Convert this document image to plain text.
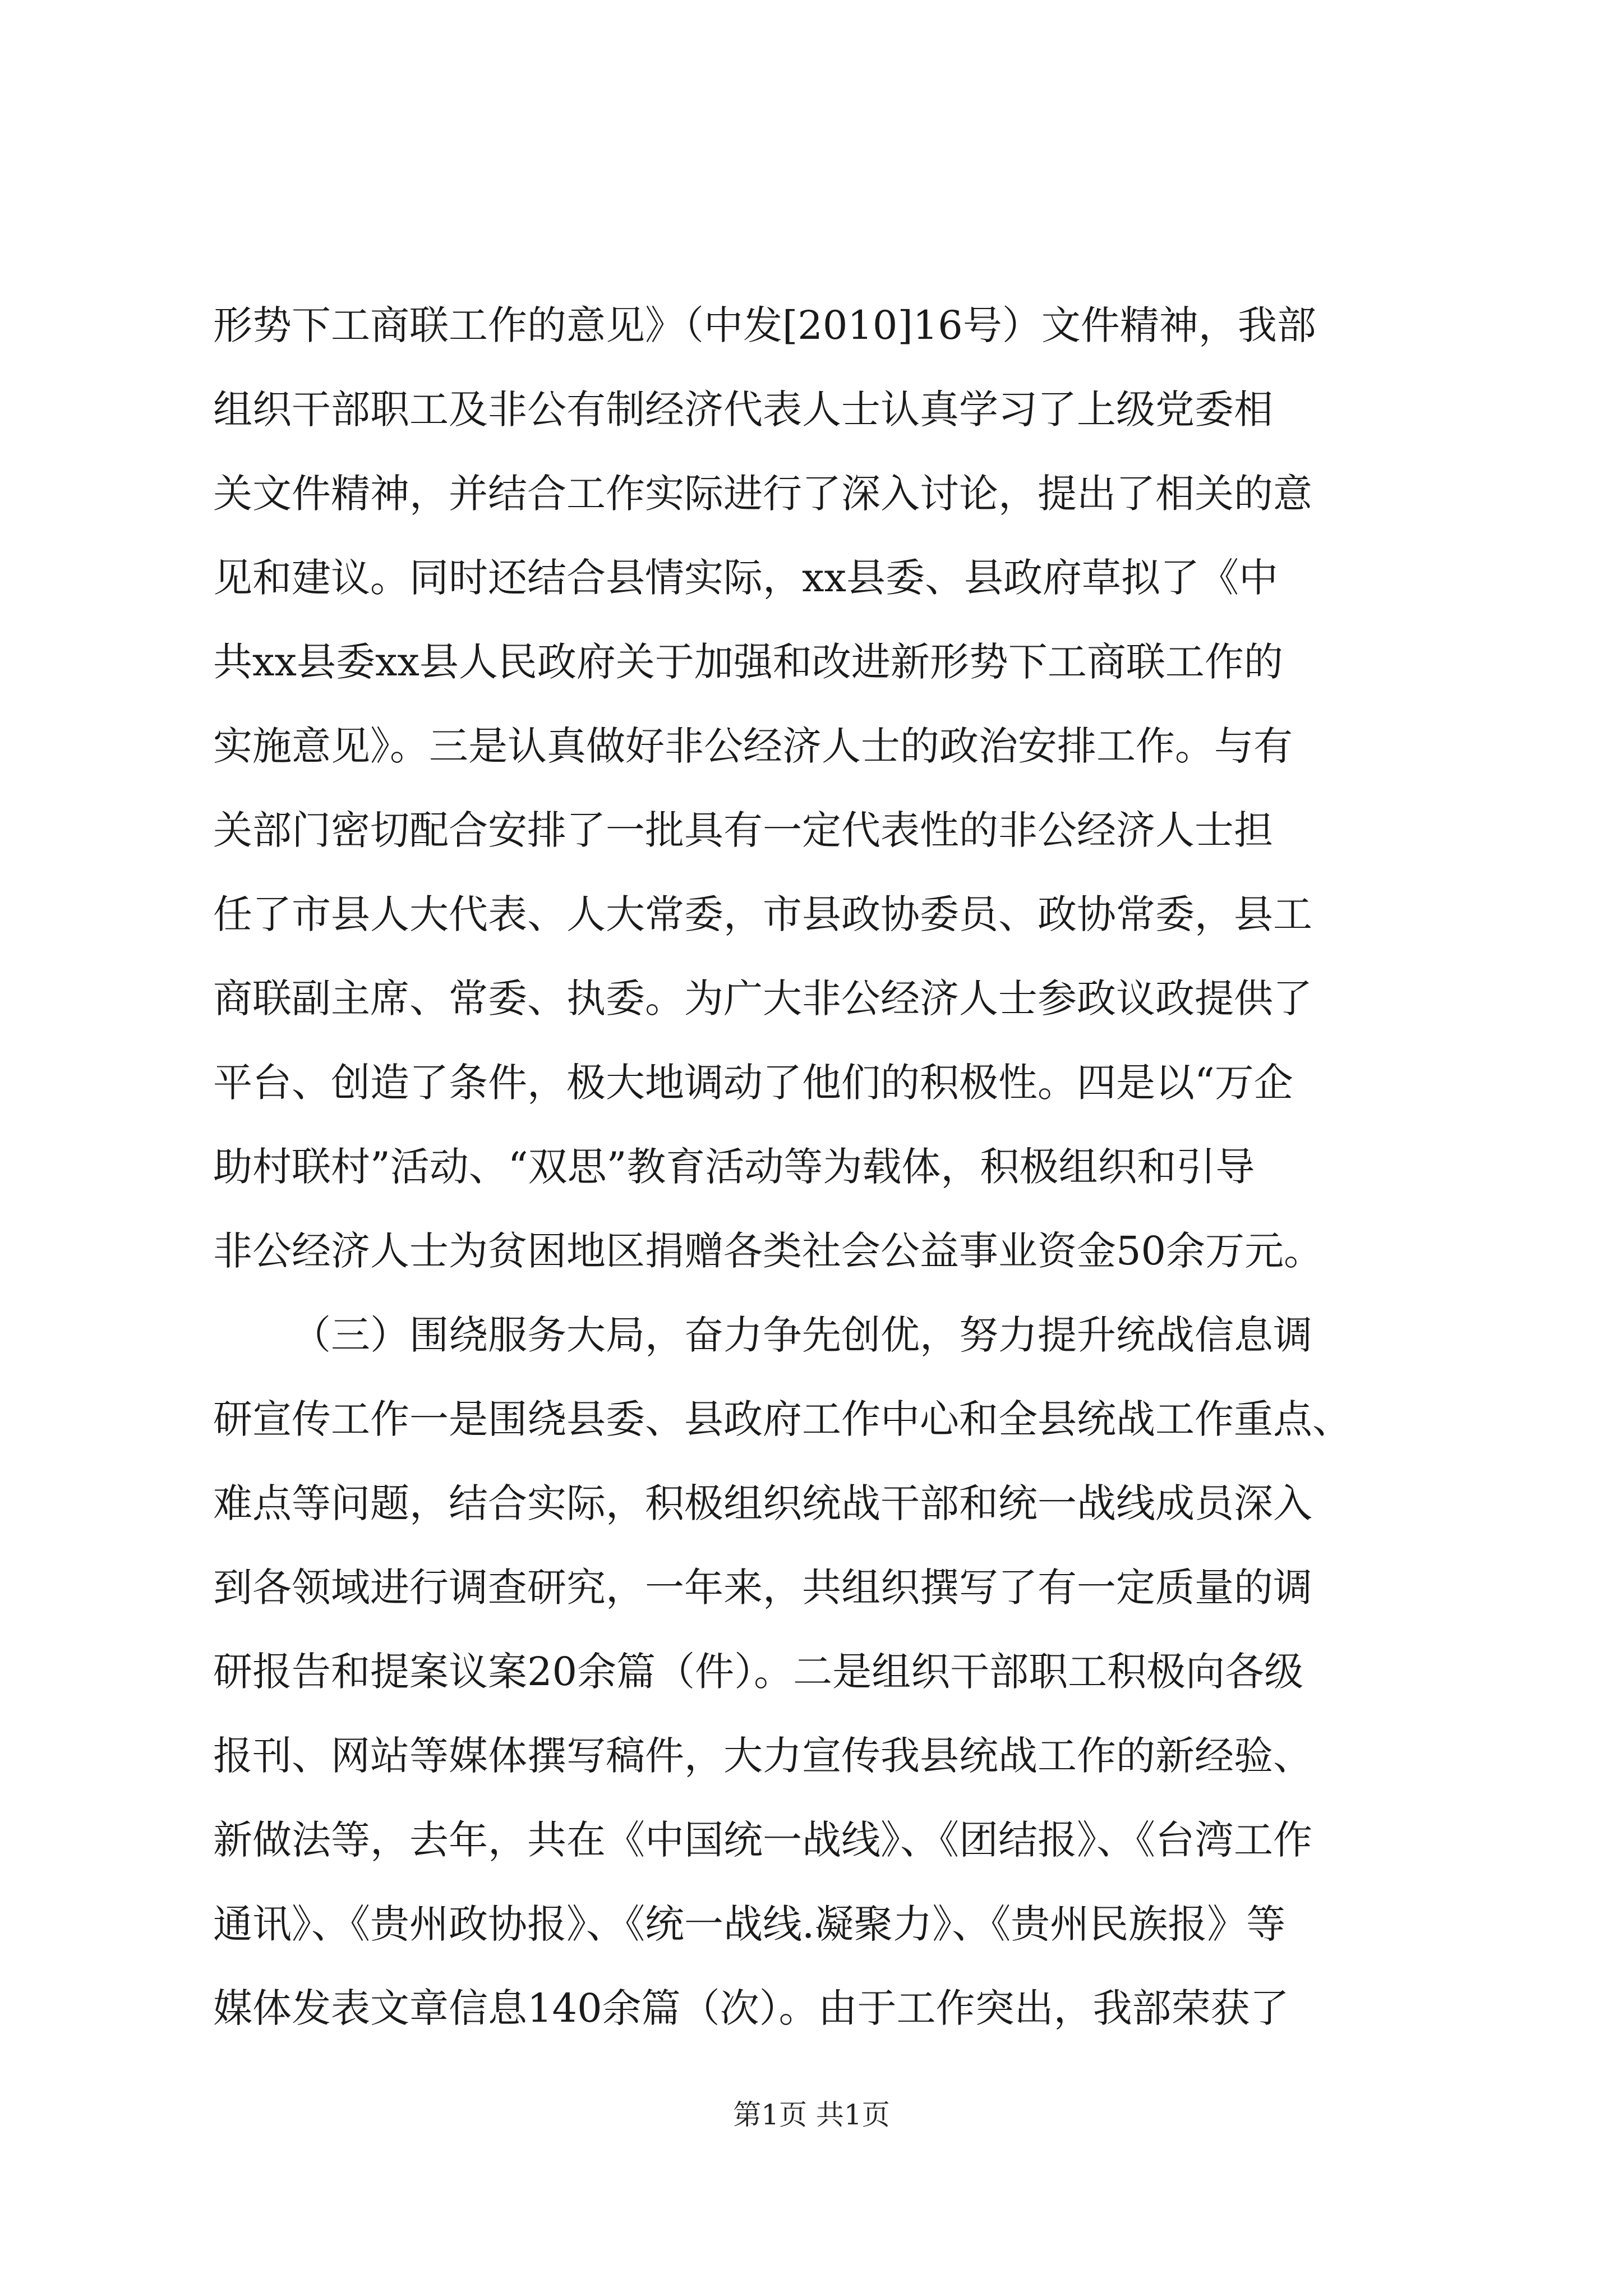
形势下工商联工作的意见》（中发[2010]16号）文件精神，我部
组织干部职工及非公有制经济代表人士认真学习了上级党委相
关文件精神，并结合工作实际进行了深入讨论，提出了相关的意
见和建议。同时还结合县情实际，xx县委、县政府草拟了《中
共xx县委xx县人民政府关于加强和改进新形势下工商联工作的
实施意见》。三是认真做好非公经济人士的政治安排工作。与有
关部门密切配合安排了一批具有一定代表性的非公经济人士担
任了市县人大代表、人大常委，市县政协委员、政协常委，县工
商联副主席、常委、执委。为广大非公经济人士参政议政提供了
平台、创造了条件，极大地调动了他们的积极性。四是以“万企
助村联村”活动、“双思”教育活动等为载体，积极组织和引导
非公经济人士为贫困地区捐赠各类社会公益事业资金50余万元。
（三）围绕服务大局，奋力争先创优，努力提升统战信息调
研宣传工作一是围绕县委、县政府工作中心和全县统战工作重点、
难点等问题，结合实际，积极组织统战干部和统一战线成员深入
到各领域进行调查研究，一年来，共组织撰写了有一定质量的调
研报告和提案议案20余篇（件）。二是组织干部职工积极向各级
报刊、网站等媒体撰写稿件，大力宣传我县统战工作的新经验、
新做法等，去年，共在《中国统一战线》、《团结报》、《台湾工作
通讯》、《贵州政协报》、《统一战线.凝聚力》、《贵州民族报》等
媒体发表文章信息140余篇（次）。由于工作突出，我部荣获了
第1页 共1页
